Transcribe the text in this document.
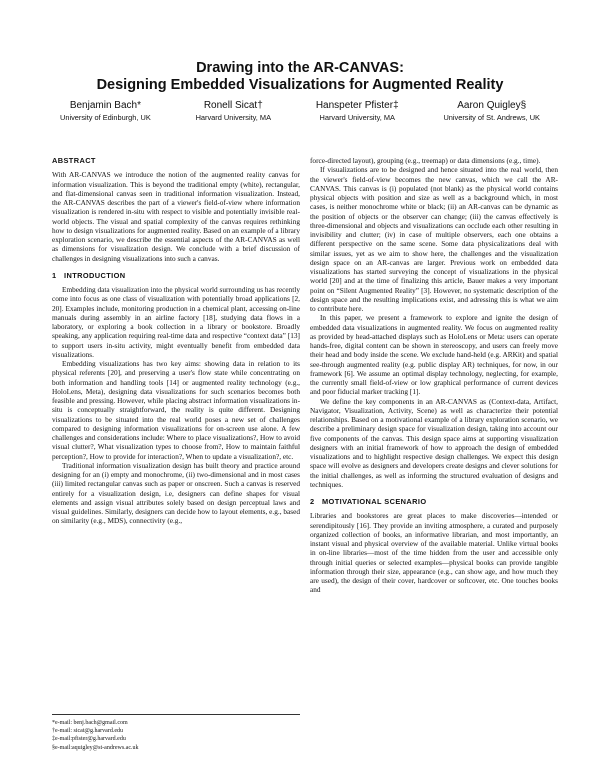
Drawing into the AR-CANVAS:
Designing Embedded Visualizations for Augmented Reality
Benjamin Bach*
University of Edinburgh, UK
Ronell Sicat†
Harvard University, MA
Hanspeter Pfister‡
Harvard University, MA
Aaron Quigley§
University of St. Andrews, UK
ABSTRACT

With AR-CANVAS we introduce the notion of the augmented reality canvas for information visualization. This is beyond the traditional empty (white), rectangular, and flat-dimensional canvas seen in traditional information visualization. Instead, the AR-CANVAS describes the part of a viewer's field-of-view where information visualization is rendered in-situ with respect to visible and potentially invisible real-world objects. The visual and spatial complexity of the canvas requires rethinking how to design visualizations for augmented reality. Based on an example of a library exploration scenario, we describe the essential aspects of the AR-CANVAS as well as dimensions for visualization design. We conclude with a brief discussion of challenges in designing visualizations into such a canvas.

1 INTRODUCTION

Embedding data visualization into the physical world surrounding us has recently come into focus as one class of visualization with potentially broad applications [2, 20]. Examples include, monitoring production in a chemical plant, accessing on-line manuals during assembly in an airline factory [18], studying data flows in a laboratory, or exploring a book collection in a library or bookstore. Broadly speaking, any application requiring real-time data and respective “context data” [13] to support users in-situ activity, might eventually benefit from embedded data visualizations.

Embedding visualizations has two key aims: showing data in relation to its physical referents [20], and preserving a user's flow state while concentrating on both information and handling tools [14] or augmented reality technology (e.g., HoloLens, Meta), designing data visualizations for such scenarios becomes both feasible and pressing. However, while placing abstract information visualizations in-situ is conceptually straightforward, the reality is quite different. Designing visualizations to be situated into the real world poses a new set of challenges compared to designing information visualizations for on-screen use alone. A few challenges and considerations include: Where to place visualizations?, How to avoid visual clutter?, What visualization types to choose from?, How to maintain faithful perception?, How to provide for interaction?, When to update a visualization?, etc.

Traditional information visualization design has built theory and practice around designing for an (i) empty and monochrome, (ii) two-dimensional and in most cases (iii) limited rectangular canvas such as paper or onscreen. Such a canvas is reserved entirely for a visualization design, i.e, designers can define shapes for visual elements and assign visual attributes solely based on design perceptual laws and visual guidelines. Similarly, designers can decide how to layout elements, e.g., based on similarity (e.g., MDS), connectivity (e.g.,

*e-mail: benj.bach@gmail.com
†e-mail: sicat@g.harvard.edu
‡e-mail:pfister@g.harvard.edu
§e-mail:aquigley@st-andrews.ac.uk

force-directed layout), grouping (e.g., treemap) or data dimensions (e.g., time).

If visualizations are to be designed and hence situated into the real world, then the viewer's field-of-view becomes the new canvas, which we call the AR-CANVAS. This canvas is (i) populated (not blank) as the physical world contains physical objects with position and size as well as a background which, in most cases, is neither monochrome white or black; (ii) an AR-canvas can be dynamic as the position of objects or the observer can change; (iii) the canvas effectively is three-dimensional and objects and visualizations can occlude each other resulting in invisibility and clutter; (iv) in case of multiple observers, each one obtains a different perspective on the same scene. Some data physicalizations deal with similar issues, yet as we aim to show here, the challenges and the visualization design space on an AR-canvas are larger. Previous work on embedded data visualizations has started surveying the concept of visualizations in the physical world [20] and at the time of finalizing this article, Bauer makes a very important point on “Silent Augmented Reality” [3]. However, no systematic description of the design space and the resulting implications exist, and adressing this is what we aim to contribute here.

In this paper, we present a framework to explore and ignite the design of embedded data visualizations in augmented reality. We focus on augmented reality as provided by head-attached displays such as HoloLens or Meta: users can operate hands-free, digital content can be shown in stereoscopy, and users can freely move their head and body inside the scene. We exclude hand-held (e.g. ARKit) and spatial see-through augmented reality (e.g. public display AR) techniques, for now, in our framework [6]. We assume an optimal display technology, neglecting, for example, the currently small field-of-view or low graphical performance of current devices and poor fiducial marker tracking [1].

We define the key components in an AR-CANVAS as (Context-data, Artifact, Navigator, Visualization, Activity, Scene) as well as characterize their potential relationships. Based on a motivational example of a library exploration scenario, we describe a preliminary design space for visualization design, taking into account our five components of the canvas. This design space aims at supporting visualization designers with an initial framework of how to approach the design of embedded visualizations and to highlight respective design challenges. We expect this design space will evolve as designers and developers create designs and clever solutions for the initial challenges, as well as informing the structured evaluation of designs and techniques.

2 MOTIVATIONAL SCENARIO

Libraries and bookstores are great places to make discoveries—intended or serendipitously [16]. They provide an inviting atmosphere, a curated and purposely organized collection of books, an informative librarian, and most importantly, an instant visual and physical overview of the available material. Unlike virtual books in on-line libraries—most of the time hidden from the user and accessible only through initial queries or selected examples—physical books can provide tangible information through their size, appearance (e.g., can show age, and how much they are used), the design of their cover, hardcover or softcover, etc. One touches books and
